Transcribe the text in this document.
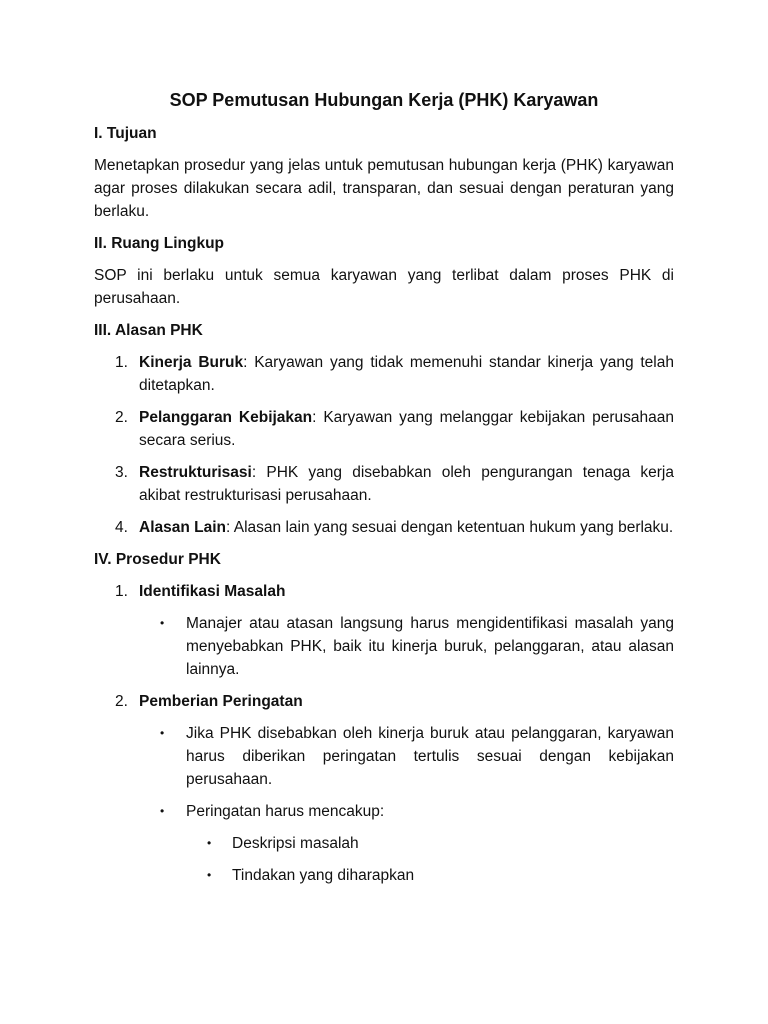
SOP Pemutusan Hubungan Kerja (PHK) Karyawan
I. Tujuan
Menetapkan prosedur yang jelas untuk pemutusan hubungan kerja (PHK) karyawan agar proses dilakukan secara adil, transparan, dan sesuai dengan peraturan yang berlaku.
II. Ruang Lingkup
SOP ini berlaku untuk semua karyawan yang terlibat dalam proses PHK di perusahaan.
III. Alasan PHK
1. Kinerja Buruk: Karyawan yang tidak memenuhi standar kinerja yang telah ditetapkan.
2. Pelanggaran Kebijakan: Karyawan yang melanggar kebijakan perusahaan secara serius.
3. Restrukturisasi: PHK yang disebabkan oleh pengurangan tenaga kerja akibat restrukturisasi perusahaan.
4. Alasan Lain: Alasan lain yang sesuai dengan ketentuan hukum yang berlaku.
IV. Prosedur PHK
1. Identifikasi Masalah
• Manajer atau atasan langsung harus mengidentifikasi masalah yang menyebabkan PHK, baik itu kinerja buruk, pelanggaran, atau alasan lainnya.
2. Pemberian Peringatan
• Jika PHK disebabkan oleh kinerja buruk atau pelanggaran, karyawan harus diberikan peringatan tertulis sesuai dengan kebijakan perusahaan.
• Peringatan harus mencakup:
• Deskripsi masalah
• Tindakan yang diharapkan
